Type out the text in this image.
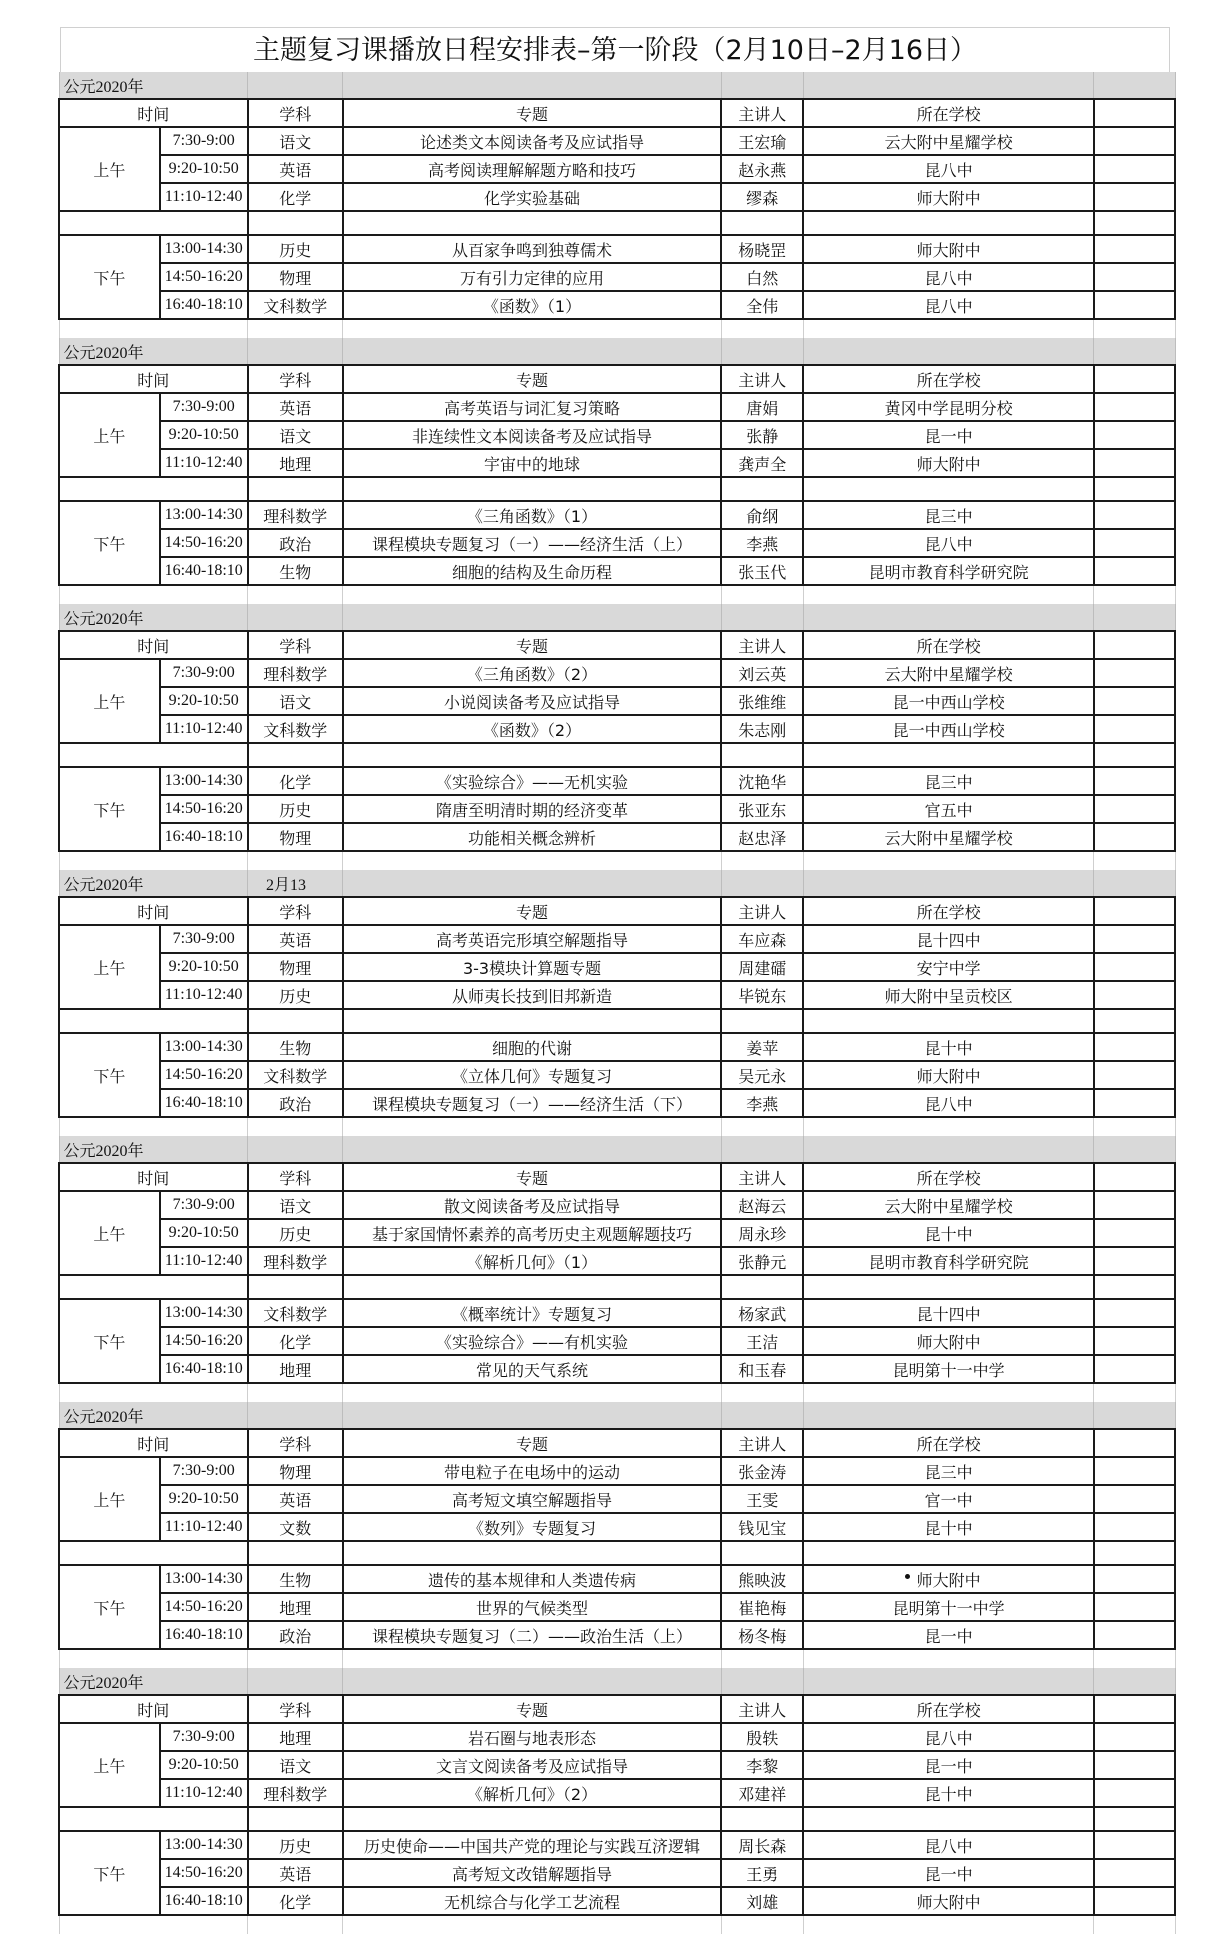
主题复习课播放日程安排表–第一阶段（2月10日–2月16日）
公元2020年						
时间		学科	专题	主讲人	所在学校	
上午	7:30-9:00	语文	论述类文本阅读备考及应试指导	王宏瑜	云大附中星耀学校	
	9:20-10:50	英语	高考阅读理解解题方略和技巧	赵永燕	昆八中	
	11:10-12:40	化学	化学实验基础	缪森	师大附中	

下午	13:00-14:30	历史	从百家争鸣到独尊儒术	杨晓罡	师大附中	
	14:50-16:20	物理	万有引力定律的应用	白然	昆八中	
	16:40-18:10	文科数学	《函数》（1）	全伟	昆八中	

公元2020年						
时间		学科	专题	主讲人	所在学校	
上午	7:30-9:00	英语	高考英语与词汇复习策略	唐娟	黄冈中学昆明分校	
	9:20-10:50	语文	非连续性文本阅读备考及应试指导	张静	昆一中	
	11:10-12:40	地理	宇宙中的地球	龚声全	师大附中	

下午	13:00-14:30	理科数学	《三角函数》（1）	俞纲	昆三中	
	14:50-16:20	政治	课程模块专题复习（一）——经济生活（上）	李燕	昆八中	
	16:40-18:10	生物	细胞的结构及生命历程	张玉代	昆明市教育科学研究院	

公元2020年						
时间		学科	专题	主讲人	所在学校	
上午	7:30-9:00	理科数学	《三角函数》（2）	刘云英	云大附中星耀学校	
	9:20-10:50	语文	小说阅读备考及应试指导	张维维	昆一中西山学校	
	11:10-12:40	文科数学	《函数》（2）	朱志刚	昆一中西山学校	

下午	13:00-14:30	化学	《实验综合》——无机实验	沈艳华	昆三中	
	14:50-16:20	历史	隋唐至明清时期的经济变革	张亚东	官五中	
	16:40-18:10	物理	功能相关概念辨析	赵忠泽	云大附中星耀学校	

公元2020年		2月13				
时间		学科	专题	主讲人	所在学校	
上午	7:30-9:00	英语	高考英语完形填空解题指导	车应森	昆十四中	
	9:20-10:50	物理	3-3模块计算题专题	周建礌	安宁中学	
	11:10-12:40	历史	从师夷长技到旧邦新造	毕锐东	师大附中呈贡校区	

下午	13:00-14:30	生物	细胞的代谢	姜苹	昆十中	
	14:50-16:20	文科数学	《立体几何》专题复习	吴元永	师大附中	
	16:40-18:10	政治	课程模块专题复习（一）——经济生活（下）	李燕	昆八中	

公元2020年						
时间		学科	专题	主讲人	所在学校	
上午	7:30-9:00	语文	散文阅读备考及应试指导	赵海云	云大附中星耀学校	
	9:20-10:50	历史	基于家国情怀素养的高考历史主观题解题技巧	周永珍	昆十中	
	11:10-12:40	理科数学	《解析几何》（1）	张静元	昆明市教育科学研究院	

下午	13:00-14:30	文科数学	《概率统计》专题复习	杨家武	昆十四中	
	14:50-16:20	化学	《实验综合》——有机实验	王洁	师大附中	
	16:40-18:10	地理	常见的天气系统	和玉春	昆明第十一中学	

公元2020年						
时间		学科	专题	主讲人	所在学校	
上午	7:30-9:00	物理	带电粒子在电场中的运动	张金涛	昆三中	
	9:20-10:50	英语	高考短文填空解题指导	王雯	官一中	
	11:10-12:40	文数	《数列》专题复习	钱见宝	昆十中	

下午	13:00-14:30	生物	遗传的基本规律和人类遗传病	熊映波	师大附中	
	14:50-16:20	地理	世界的气候类型	崔艳梅	昆明第十一中学	
	16:40-18:10	政治	课程模块专题复习（二）——政治生活（上）	杨冬梅	昆一中	

公元2020年						
时间		学科	专题	主讲人	所在学校	
上午	7:30-9:00	地理	岩石圈与地表形态	殷轶	昆八中	
	9:20-10:50	语文	文言文阅读备考及应试指导	李黎	昆一中	
	11:10-12:40	理科数学	《解析几何》（2）	邓建祥	昆十中	

下午	13:00-14:30	历史	历史使命——中国共产党的理论与实践互济逻辑	周长森	昆八中	
	14:50-16:20	英语	高考短文改错解题指导	王勇	昆一中	
	16:40-18:10	化学	无机综合与化学工艺流程	刘雄	师大附中	
